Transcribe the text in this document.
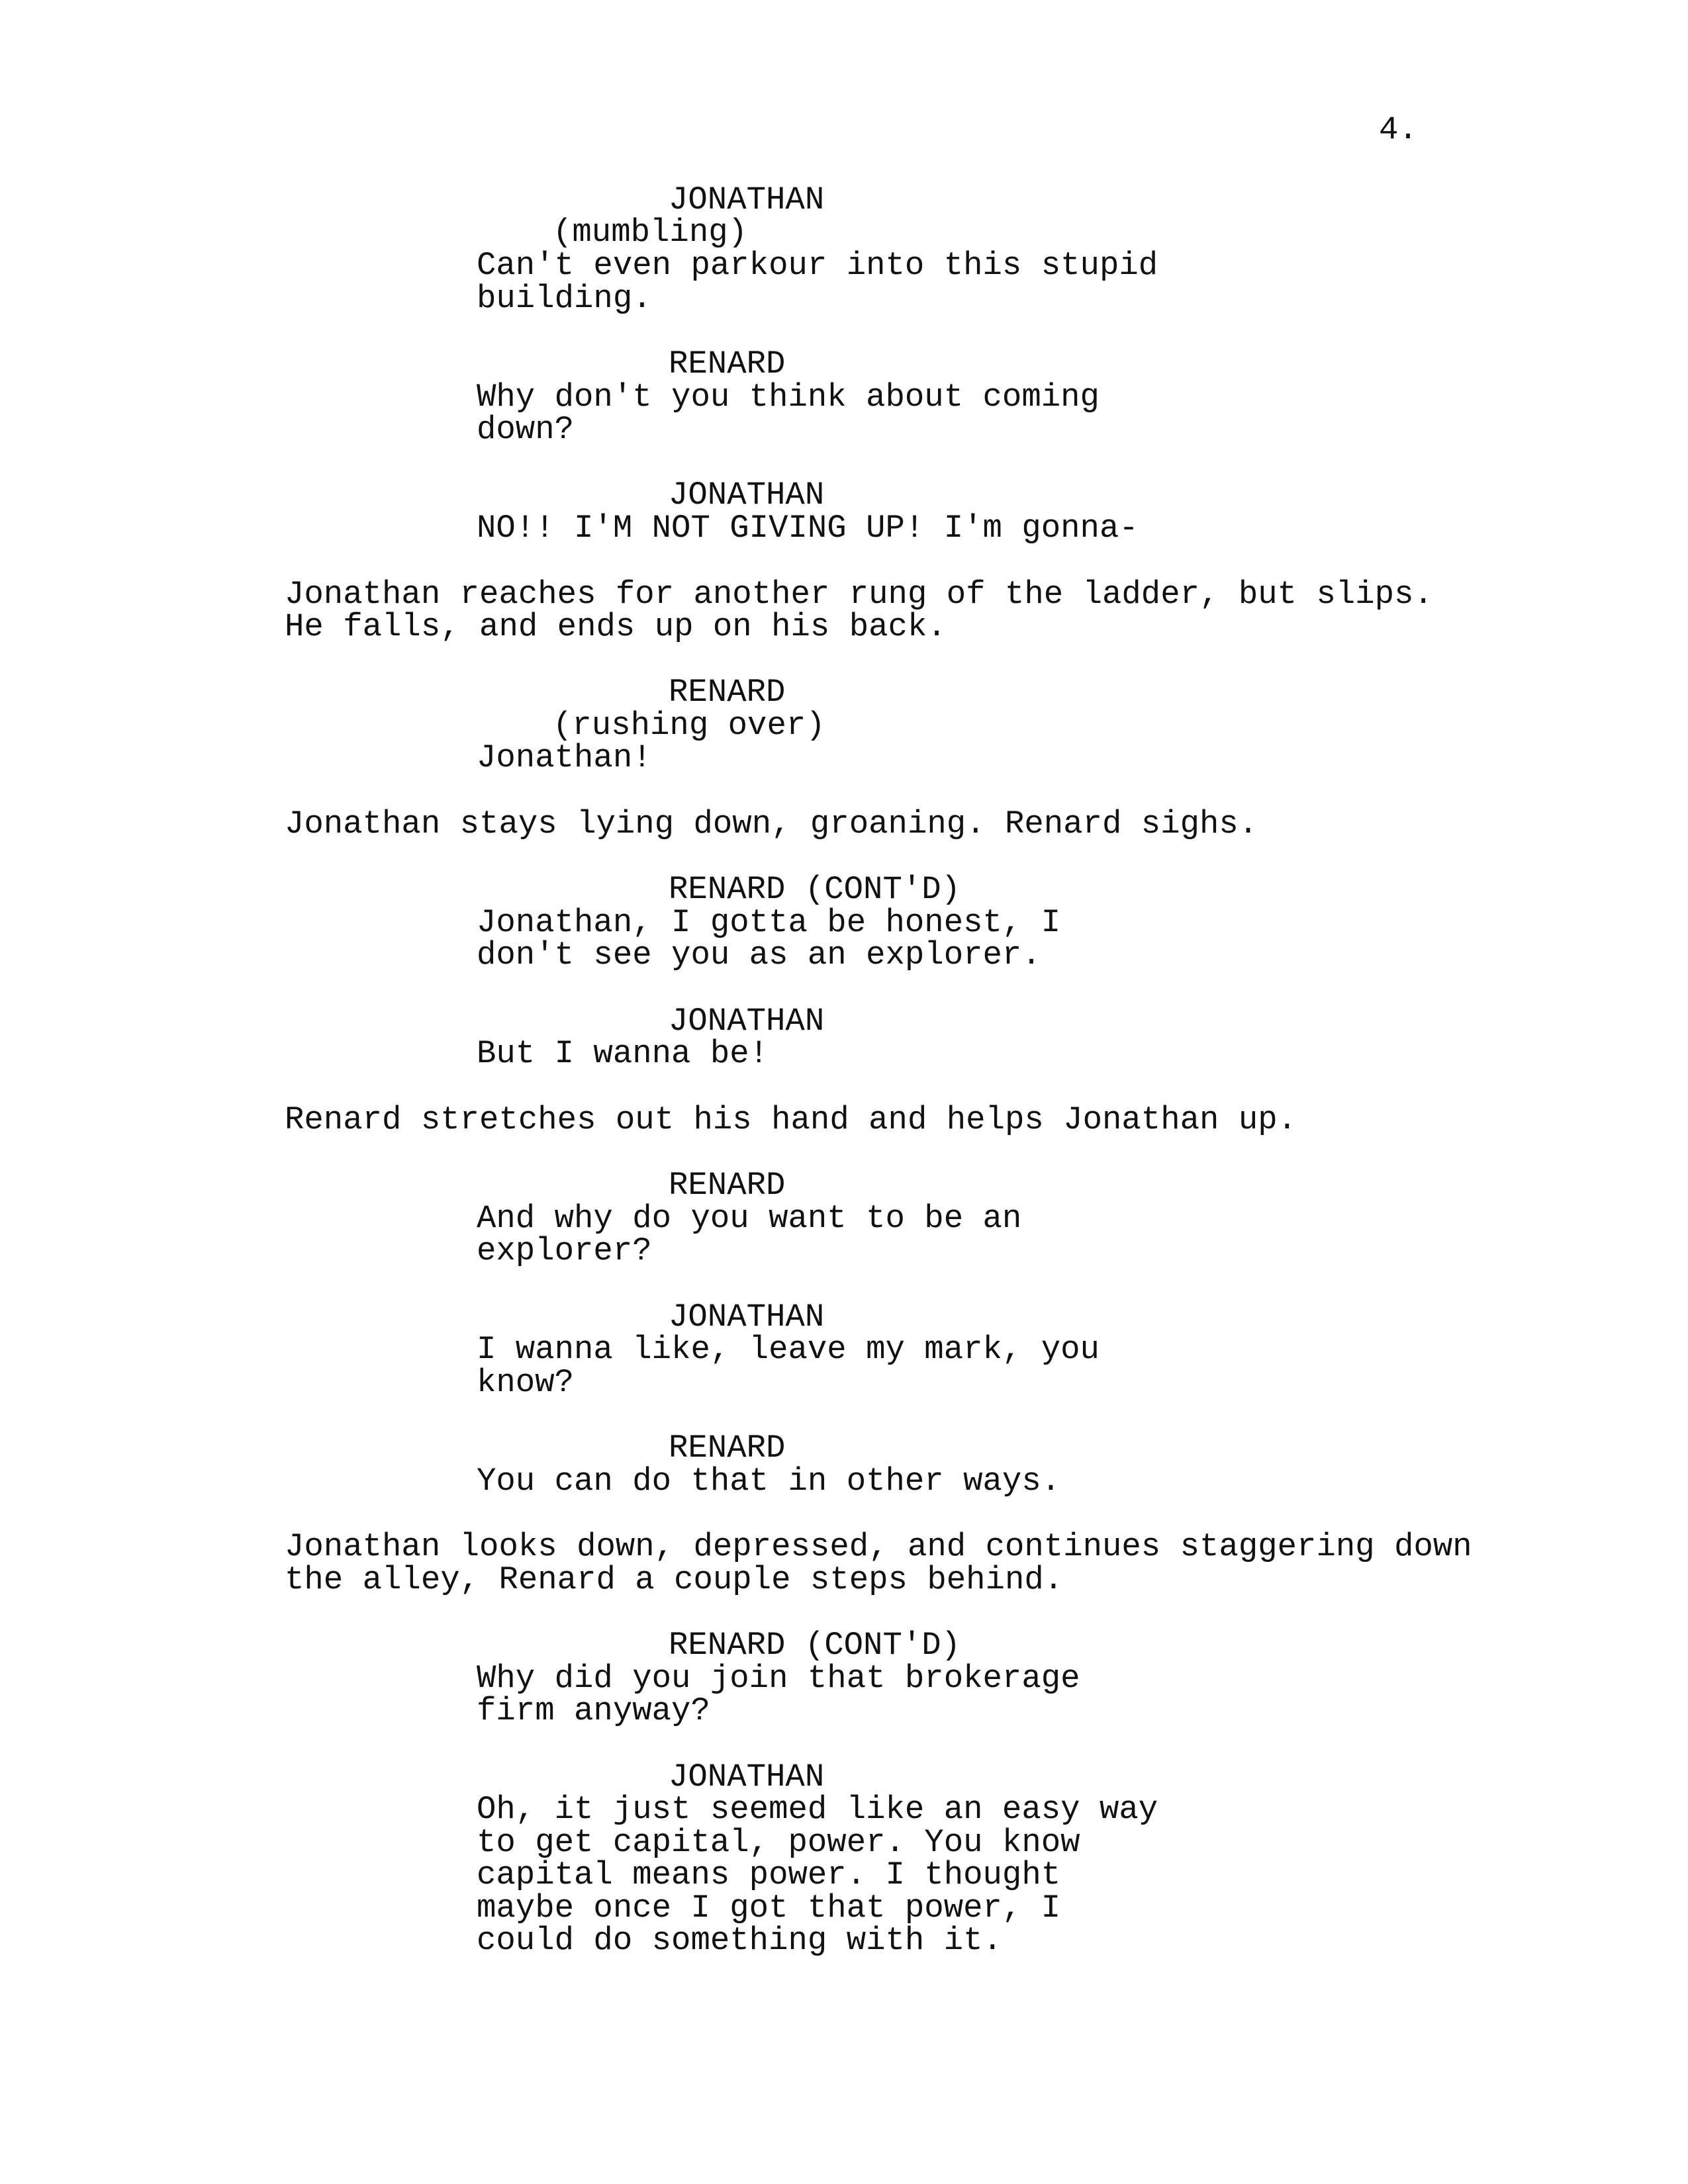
4.
JONATHAN
(mumbling)
Can't even parkour into this stupid
building.
RENARD
Why don't you think about coming
down?
JONATHAN
NO!! I'M NOT GIVING UP! I'm gonna-
Jonathan reaches for another rung of the ladder, but slips.
He falls, and ends up on his back.
RENARD
(rushing over)
Jonathan!
Jonathan stays lying down, groaning. Renard sighs.
RENARD (CONT'D)
Jonathan, I gotta be honest, I
don't see you as an explorer.
JONATHAN
But I wanna be!
Renard stretches out his hand and helps Jonathan up.
RENARD
And why do you want to be an
explorer?
JONATHAN
I wanna like, leave my mark, you
know?
RENARD
You can do that in other ways.
Jonathan looks down, depressed, and continues staggering down
the alley, Renard a couple steps behind.
RENARD (CONT'D)
Why did you join that brokerage
firm anyway?
JONATHAN
Oh, it just seemed like an easy way
to get capital, power. You know
capital means power. I thought
maybe once I got that power, I
could do something with it.
